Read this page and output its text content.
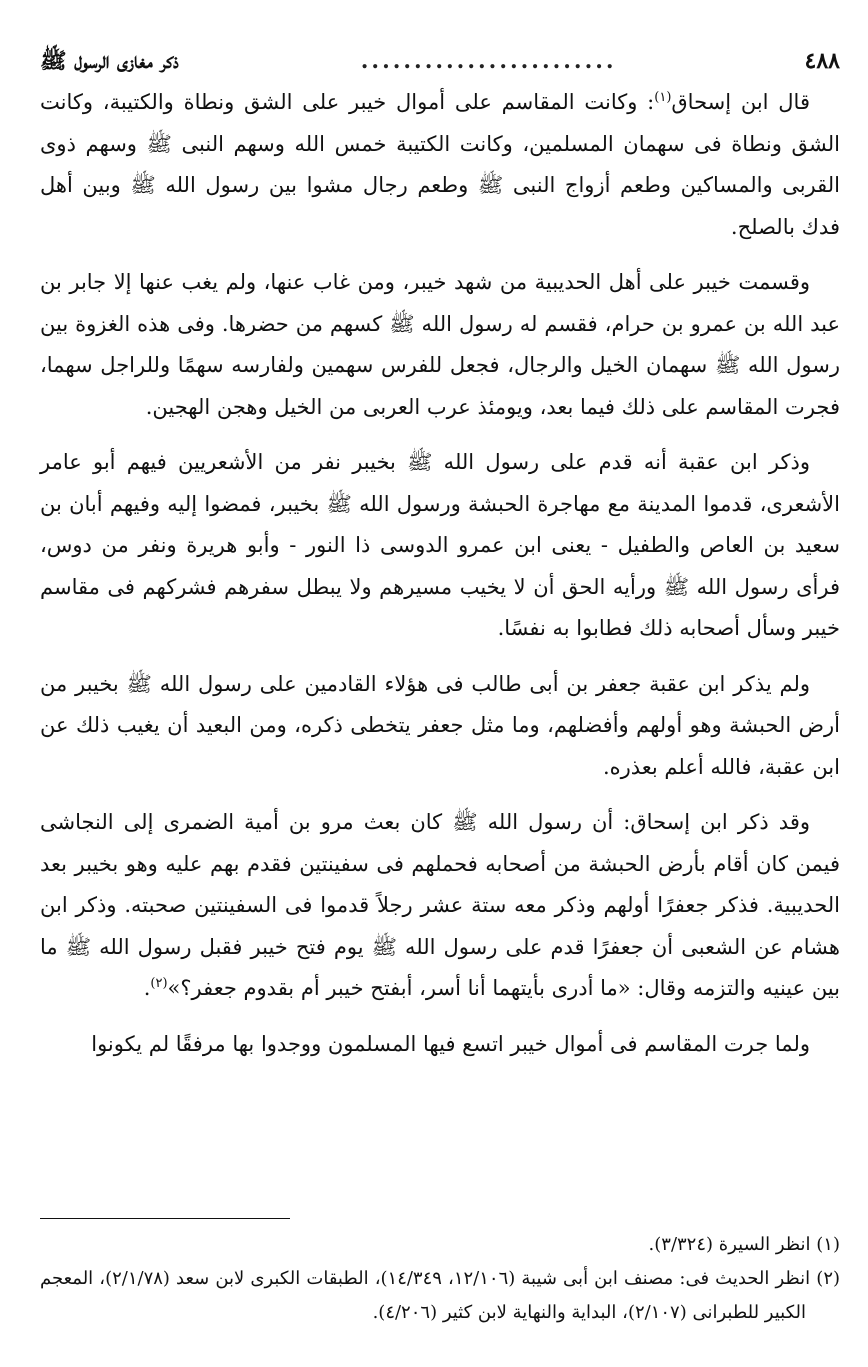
٤٨٨
........................
ذكر مغازى الرسول ﷺ

قال ابن إسحاق$^{(١)}$: وكانت المقاسم على أموال خيبر على الشق ونطاة والكتيبة، وكانت الشق ونطاة فى سهمان المسلمين، وكانت الكتيبة خمس الله وسهم النبى ﷺ وسهم ذوى القربى والمساكين وطعم أزواج النبى ﷺ وطعم رجال مشوا بين رسول الله ﷺ وبين أهل فدك بالصلح.

وقسمت خيبر على أهل الحديبية من شهد خيبر، ومن غاب عنها، ولم يغب عنها إلا جابر بن عبد الله بن عمرو بن حرام، فقسم له رسول الله ﷺ كسهم من حضرها. وفى هذه الغزوة بين رسول الله ﷺ سهمان الخيل والرجال، فجعل للفرس سهمين ولفارسه سهمًا وللراجل سهما، فجرت المقاسم على ذلك فيما بعد، ويومئذ عرب العربى من الخيل وهجن الهجين.

وذكر ابن عقبة أنه قدم على رسول الله ﷺ بخيبر نفر من الأشعريين فيهم أبو عامر الأشعرى، قدموا المدينة مع مهاجرة الحبشة ورسول الله ﷺ بخيبر، فمضوا إليه وفيهم أبان بن سعيد بن العاص والطفيل - يعنى ابن عمرو الدوسى ذا النور - وأبو هريرة ونفر من دوس، فرأى رسول الله ﷺ ورأيه الحق أن لا يخيب مسيرهم ولا يبطل سفرهم فشركهم فى مقاسم خيبر وسأل أصحابه ذلك فطابوا به نفسًا.

ولم يذكر ابن عقبة جعفر بن أبى طالب فى هؤلاء القادمين على رسول الله ﷺ بخيبر من أرض الحبشة وهو أولهم وأفضلهم، وما مثل جعفر يتخطى ذكره، ومن البعيد أن يغيب ذلك عن ابن عقبة، فالله أعلم بعذره.

وقد ذكر ابن إسحاق: أن رسول الله ﷺ كان بعث مرو بن أمية الضمرى إلى النجاشى فيمن كان أقام بأرض الحبشة من أصحابه فحملهم فى سفينتين فقدم بهم عليه وهو بخيبر بعد الحديبية. فذكر جعفرًا أولهم وذكر معه ستة عشر رجلاً قدموا فى السفينتين صحبته. وذكر ابن هشام عن الشعبى أن جعفرًا قدم على رسول الله ﷺ يوم فتح خيبر فقبل رسول الله ﷺ ما بين عينيه والتزمه وقال: «ما أدرى بأيتهما أنا أسر، أبفتح خيبر أم بقدوم جعفر؟»$^{(٢)}$.

ولما جرت المقاسم فى أموال خيبر اتسع فيها المسلمون ووجدوا بها مرفقًا لم يكونوا

(١) انظر السيرة (٣/٣٢٤).

(٢) انظر الحديث فى: مصنف ابن أبى شيبة (١٢/١٠٦، ١٤/٣٤٩)، الطبقات الكبرى لابن سعد (٢/١/٧٨)، المعجم الكبير للطبرانى (٢/١٠٧)، البداية والنهاية لابن كثير (٤/٢٠٦).
